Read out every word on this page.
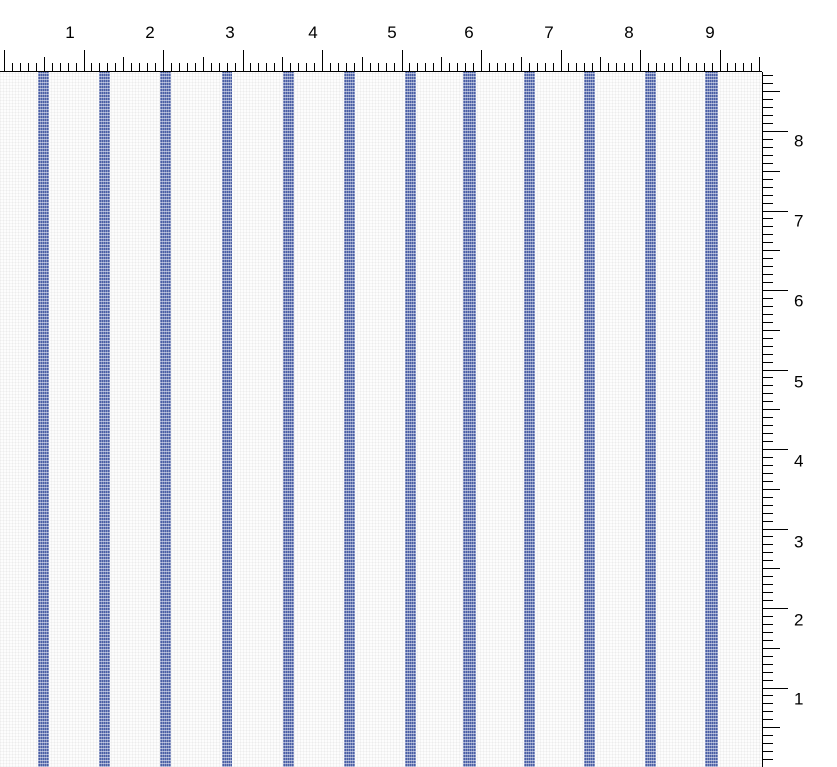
1	2	3	4	5	6	7	8	9
1
2
3
4
5
6
7
8
